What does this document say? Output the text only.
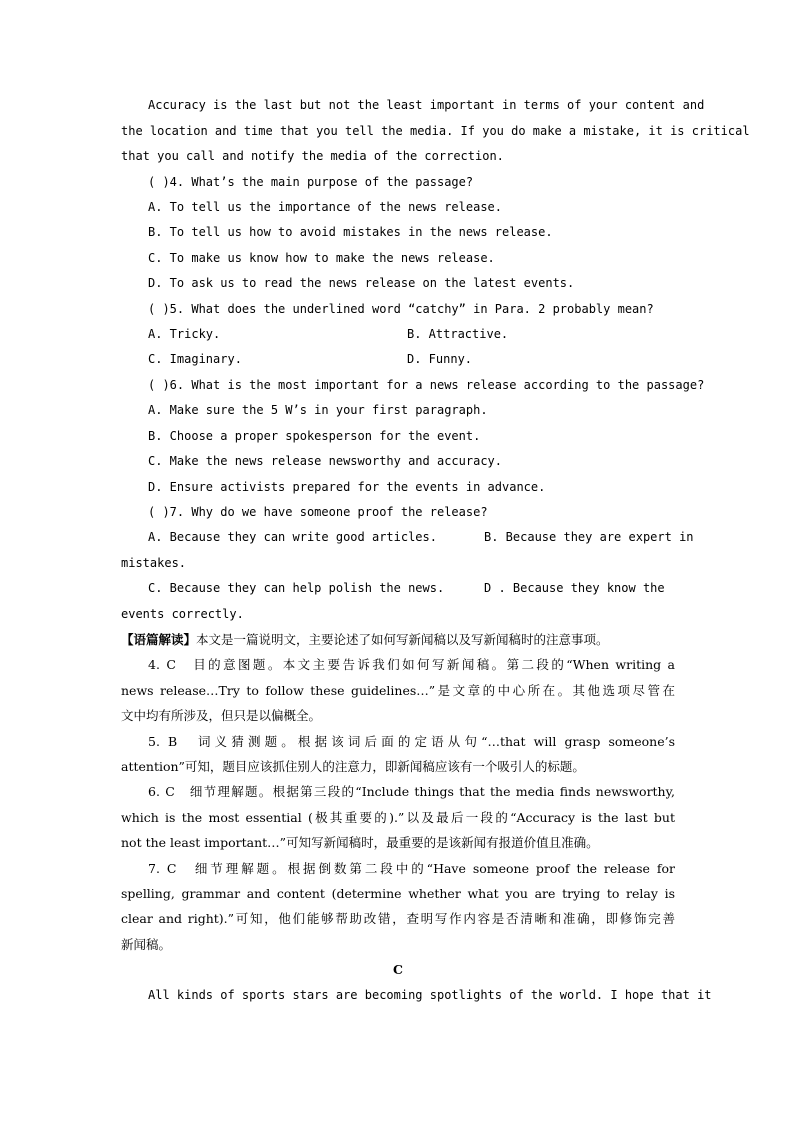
Accuracy is the last but not the least important in terms of your content and
the location and time that you tell the media. If you do make a mistake, it is critical
that you call and notify the media of the correction.
( )4. What’s the main purpose of the passage?
A. To tell us the importance of the news release.
B. To tell us how to avoid mistakes in the news release.
C. To make us know how to make the news release.
D. To ask us to read the news release on the latest events.
( )5. What does the underlined word “catchy” in Para. 2 probably mean?
A. Tricky.	B. Attractive.
C. Imaginary.	D. Funny.
( )6. What is the most important for a news release according to the passage?
A. Make sure the 5 W’s in your first paragraph.
B. Choose a proper spokesperson for the event.
C. Make the news release newsworthy and accuracy.
D. Ensure activists prepared for the events in advance.
( )7. Why do we have someone proof the release?
A. Because they can write good articles.	B. Because they are expert in
mistakes.
C. Because they can help polish the news.	D . Because they know the
events correctly.
【语篇解读】本文是一篇说明文，主要论述了如何写新闻稿以及写新闻稿时的注意事项。
4. C　目的意图题。本文主要告诉我们如何写新闻稿。第二段的“When writing a
news release…Try to follow these guidelines…”是文章的中心所在。其他选项尽管在
文中均有所涉及，但只是以偏概全。
5. B　词义猜测题。根据该词后面的定语从句“…that will grasp someone’s
attention”可知，题目应该抓住别人的注意力，即新闻稿应该有一个吸引人的标题。
6. C　细节理解题。根据第三段的“Include things that the media finds newsworthy,
which is the most essential (极其重要的).”以及最后一段的“Accuracy is the last but
not the least important…”可知写新闻稿时，最重要的是该新闻有报道价值且准确。
7. C　细节理解题。根据倒数第二段中的“Have someone proof the release for
spelling, grammar and content (determine whether what you are trying to relay is
clear and right).”可知，他们能够帮助改错，查明写作内容是否清晰和准确，即修饰完善
新闻稿。
C
All kinds of sports stars are becoming spotlights of the world. I hope that it
